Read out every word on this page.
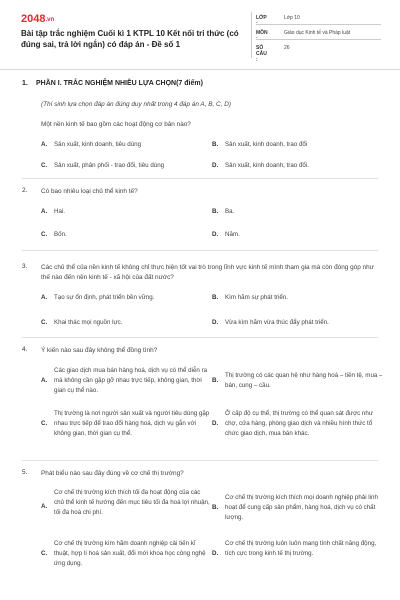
2048.vn
Bài tập trắc nghiệm Cuối kì 1 KTPL 10 Kết nối tri thức (có đúng sai, trả lời ngắn) có đáp án - Đề số 1
LỚP	Lớp 10
MÔN	Giáo dục Kinh tế và Pháp luật
SỐ CÂU :
26
1. PHẦN I. TRẮC NGHIỆM NHIỀU LỰA CHỌN(7 điểm)
(Thí sinh lựa chọn đáp án đúng duy nhất trong 4 đáp án A, B, C, D)
Một nền kinh tế bao gồm các hoạt động cơ bản nào?
A. Sản xuất, kinh doanh, tiêu dùng	B. Sản xuất, kinh doanh, trao đổi
C. Sản xuất, phân phối - trao đổi, tiêu dùng	D. Sản xuất, kinh doanh, trao đổi.
2. Có bao nhiêu loại chủ thể kinh tế?
A. Hai.	B. Ba.
C. Bốn.	D. Năm.
3. Các chủ thể của nền kinh tế không chỉ thực hiện tốt vai trò trong lĩnh vực kinh tế mình tham gia mà còn đóng góp như thế nào đến nền kinh tế - xã hội của đất nước?
A. Tạo sự ổn định, phát triển bền vững.	B. Kìm hãm sự phát triển.
C. Khai thác mọi nguồn lực.	D. Vừa kìm hãm vừa thúc đẩy phát triển.
4. Ý kiến nào sau đây không thể đồng tình?
A.
Các giao dịch mua bán hàng hoá, dịch vụ có thể diễn ra mà không cần gặp gỡ nhau trực tiếp, không gian, thời gian cụ thể nào.
B.
Thị trường có các quan hệ như hàng hoá – tiền tệ, mua – bán, cung – cầu.
C.
Thị trường là nơi người sản xuất và người tiêu dùng gặp nhau trực tiếp để trao đổi hàng hoá, dịch vụ gắn với không gian, thời gian cụ thể.
D.
Ở cấp độ cụ thể, thị trường có thể quan sát được như chợ, cửa hàng, phòng giao dịch và nhiều hình thức tổ chức giao dịch, mua bán khác.
5. Phát biểu nào sau đây đúng về cơ chế thị trường?
A.
Cơ chế thị trường kích thích tối đa hoạt động của các chủ thể kinh tế hướng đến mục tiêu tối đa hoá lợi nhuận, tối đa hoá chi phí.
B.
Cơ chế thị trường kích thích mọi doanh nghiệp phải linh hoạt để cung cấp sản phẩm, hàng hoá, dịch vụ có chất lượng.
C.
Cơ chế thị trường kìm hãm doanh nghiệp cải tiến kĩ thuật, hợp lí hoá sản xuất, đổi mới khoa học công nghệ ứng dụng.
D.
Cơ chế thị trường luôn luôn mang tính chất năng động, tích cực trong kinh tế thị trường.
